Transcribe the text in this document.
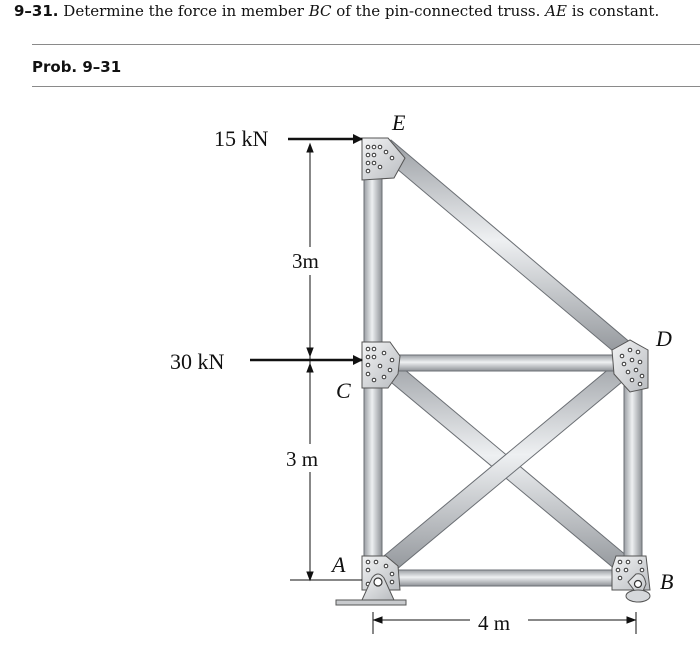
9–31. Determine the force in member BC of the pin-connected truss. AE is constant.
Prob. 9–31
15 kN
30 kN
3m
3 m
4 m
E
D
C
A
B
